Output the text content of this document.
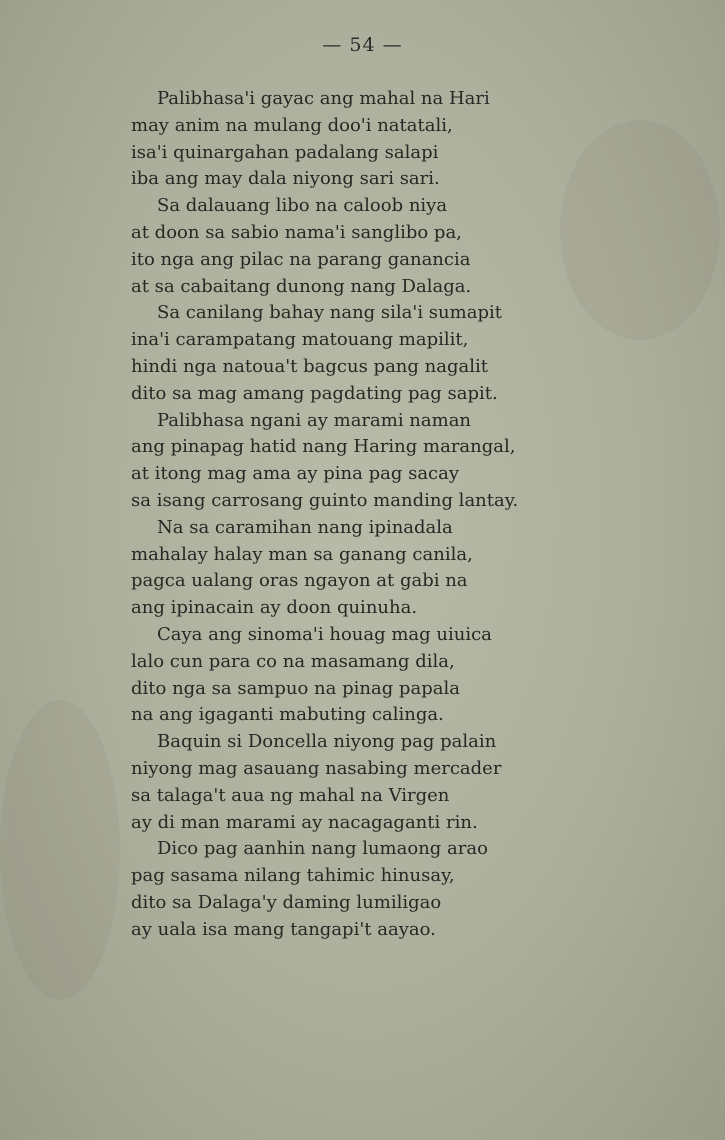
— 54 —
Palibhasa'i gayac ang mahal na Hari
may anim na mulang doo'i natatali,
isa'i quinargahan padalang salapi
iba ang may dala niyong sari sari.
Sa dalauang libo na caloob niya
at doon sa sabio nama'i sanglibo pa,
ito nga ang pilac na parang ganancia
at sa cabaitang dunong nang Dalaga.
Sa canilang bahay nang sila'i sumapit
ina'i carampatang matouang mapilit,
hindi nga natoua't bagcus pang nagalit
dito sa mag amang pagdating pag sapit.
Palibhasa ngani ay marami naman
ang pinapag hatid nang Haring marangal,
at itong mag ama ay pina pag sacay
sa isang carrosang guinto manding lantay.
Na sa caramihan nang ipinadala
mahalay halay man sa ganang canila,
pagca ualang oras ngayon at gabi na
ang ipinacain ay doon quinuha.
Caya ang sinoma'i houag mag uiuica
lalo cun para co na masamang dila,
dito nga sa sampuo na pinag papala
na ang igaganti mabuting calinga.
Baquin si Doncella niyong pag palain
niyong mag asauang nasabing mercader
sa talaga't aua ng mahal na Virgen
ay di man marami ay nacagaganti rin.
Dico pag aanhin nang lumaong arao
pag sasama nilang tahimic hinusay,
dito sa Dalaga'y daming lumiligao
ay uala isa mang tangapi't aayao.
